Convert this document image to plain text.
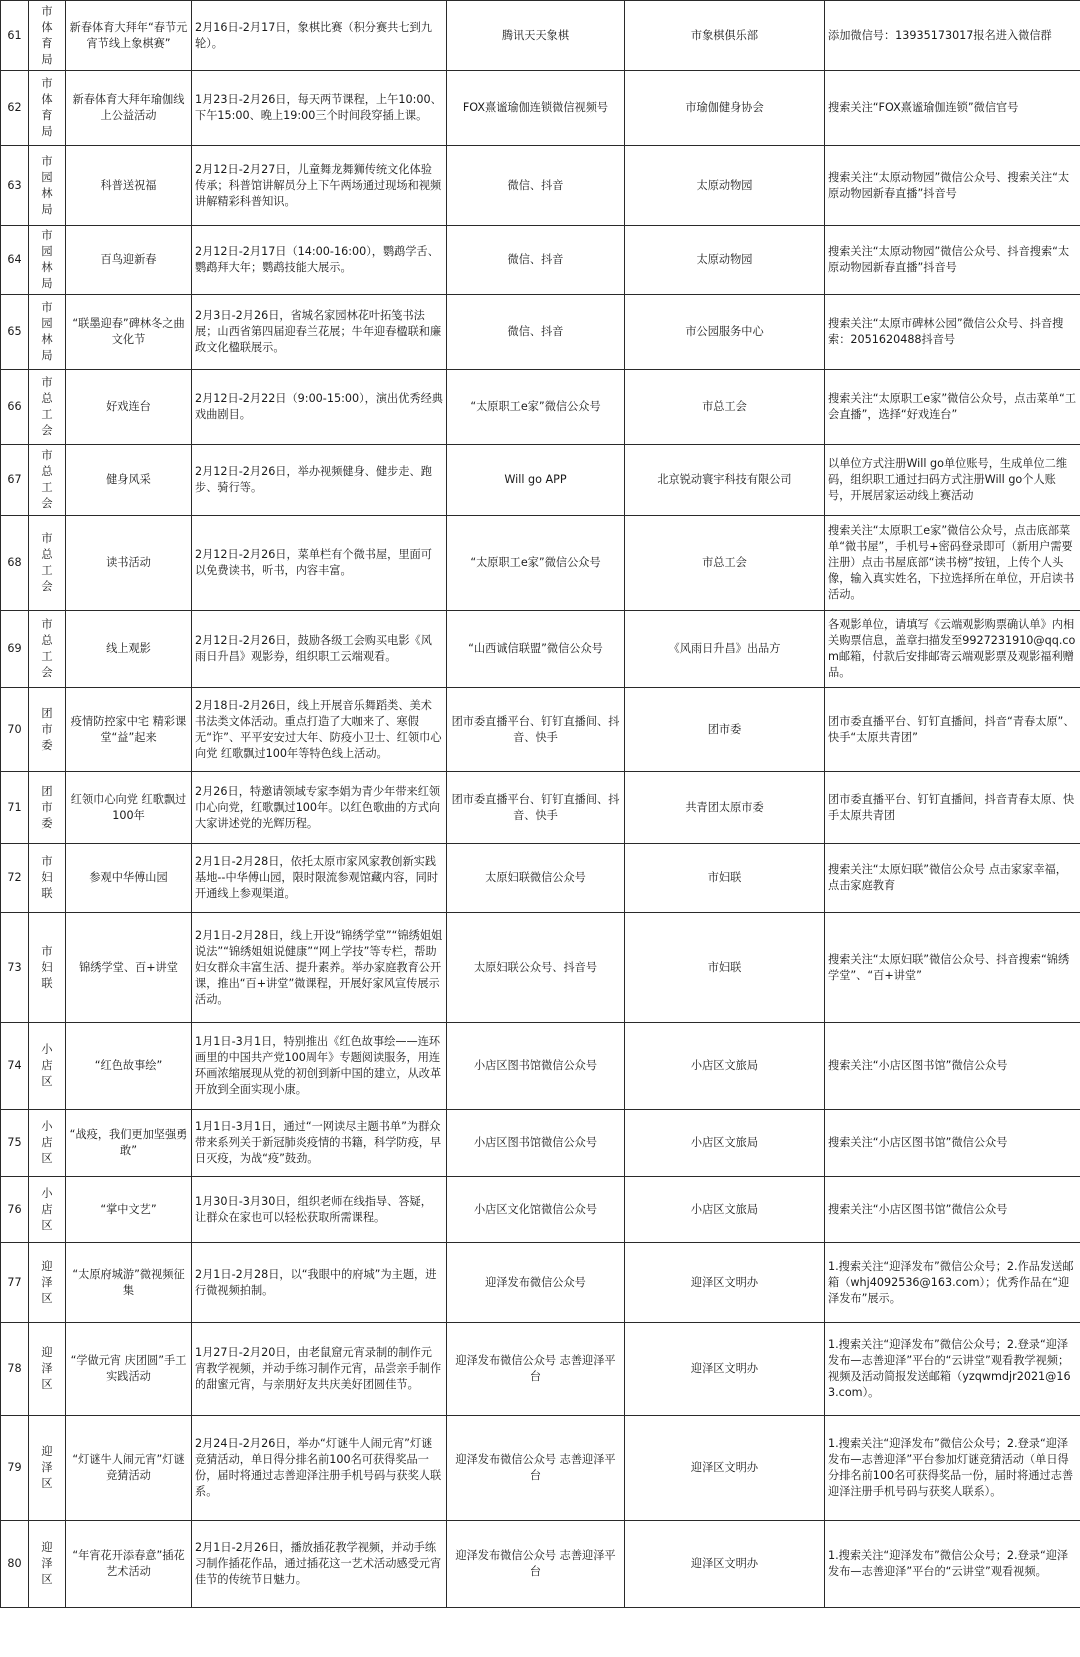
61	市体育局	新春体育大拜年“春节元宵节线上象棋赛”	2月16日-2月17日，象棋比赛（积分赛共七到九轮）。	腾讯天天象棋	市象棋俱乐部	添加微信号：13935173017报名进入微信群
62	市体育局	新春体育大拜年瑜伽线上公益活动	1月23日-2月26日，每天两节课程，上午10:00、下午15:00、晚上19:00三个时间段穿插上课。	FOX熹谧瑜伽连锁微信视频号	市瑜伽健身协会	搜索关注“FOX熹谧瑜伽连锁”微信官号
63	市园林局	科普送祝福	2月12日-2月27日，儿童舞龙舞狮传统文化体验传承；科普馆讲解员分上下午两场通过现场和视频讲解精彩科普知识。	微信、抖音	太原动物园	搜索关注“太原动物园”微信公众号、搜索关注“太原动物园新春直播”抖音号
64	市园林局	百鸟迎新春	2月12日-2月17日（14:00-16:00），鹦鹉学舌、鹦鹉拜大年；鹦鹉技能大展示。	微信、抖音	太原动物园	搜索关注“太原动物园”微信公众号、抖音搜索“太原动物园新春直播”抖音号
65	市园林局	“联墨迎春”碑林冬之曲文化节	2月3日-2月26日，省城名家园林花叶拓笺书法展；山西省第四届迎春兰花展；牛年迎春楹联和廉政文化楹联展示。	微信、抖音	市公园服务中心	搜索关注“太原市碑林公园”微信公众号、抖音搜索：2051620488抖音号
66	市总工会	好戏连台	2月12日-2月22日（9:00-15:00），演出优秀经典戏曲剧目。	“太原职工e家”微信公众号	市总工会	搜索关注“太原职工e家”微信公众号，点击菜单“工会直播”，选择“好戏连台”
67	市总工会	健身风采	2月12日-2月26日，举办视频健身、健步走、跑步、骑行等。	Will go APP	北京锐动寰宇科技有限公司	以单位方式注册Will go单位账号，生成单位二维码，组织职工通过扫码方式注册Will go个人账号，开展居家运动线上赛活动
68	市总工会	读书活动	2月12日-2月26日，菜单栏有个微书屋，里面可以免费读书，听书，内容丰富。	“太原职工e家”微信公众号	市总工会	搜索关注“太原职工e家”微信公众号，点击底部菜单“微书屋”，手机号+密码登录即可（新用户需要注册）点击书屋底部“读书榜”按钮，上传个人头像，输入真实姓名，下拉选择所在单位，开启读书活动。
69	市总工会	线上观影	2月12日-2月26日，鼓励各级工会购买电影《风雨日升昌》观影券，组织职工云端观看。	“山西诚信联盟”微信公众号	《风雨日升昌》出品方	各观影单位，请填写《云端观影购票确认单》内相关购票信息，盖章扫描发至9927231910@qq.com邮箱，付款后安排邮寄云端观影票及观影福利赠品。
70	团市委	疫情防控家中宅 精彩课堂“益”起来	2月18日-2月26日，线上开展音乐舞蹈类、美术书法类文体活动。重点打造了大咖来了、寒假无“诈”、平平安安过大年、防疫小卫士、红领巾心向党 红歌飘过100年等特色线上活动。	团市委直播平台、钉钉直播间、抖音、快手	团市委	团市委直播平台、钉钉直播间，抖音“青春太原”、快手“太原共青团”
71	团市委	红领巾心向党 红歌飘过100年	2月26日，特邀请领域专家李娟为青少年带来红领巾心向党，红歌飘过100年。以红色歌曲的方式向大家讲述党的光辉历程。	团市委直播平台、钉钉直播间、抖音、快手	共青团太原市委	团市委直播平台、钉钉直播间，抖音青春太原、快手太原共青团
72	市妇联	参观中华傅山园	2月1日-2月28日，依托太原市家风家教创新实践基地--中华傅山园，限时限流参观馆藏内容，同时开通线上参观渠道。	太原妇联微信公众号	市妇联	搜索关注“太原妇联”微信公众号 点击家家幸福，点击家庭教育
73	市妇联	锦绣学堂、百+讲堂	2月1日-2月28日，线上开设“锦绣学堂”“锦绣姐姐说法”“锦绣姐姐说健康”“网上学技”等专栏，帮助妇女群众丰富生活、提升素养。举办家庭教育公开课，推出“百+讲堂”微课程，开展好家风宣传展示活动。	太原妇联公众号、抖音号	市妇联	搜索关注“太原妇联”微信公众号、抖音搜索“锦绣学堂”、“百+讲堂”
74	小店区	“红色故事绘”	1月1日-3月1日，特别推出《红色故事绘——连环画里的中国共产党100周年》专题阅读服务，用连环画浓缩展现从党的初创到新中国的建立，从改革开放到全面实现小康。	小店区图书馆微信公众号	小店区文旅局	搜索关注“小店区图书馆”微信公众号
75	小店区	“战疫，我们更加坚强勇敢”	1月1日-3月1日，通过“一网读尽主题书单”为群众带来系列关于新冠肺炎疫情的书籍，科学防疫，早日灭疫，为战“疫”鼓劲。	小店区图书馆微信公众号	小店区文旅局	搜索关注“小店区图书馆”微信公众号
76	小店区	“掌中文艺”	1月30日-3月30日，组织老师在线指导、答疑，让群众在家也可以轻松获取所需课程。	小店区文化馆微信公众号	小店区文旅局	搜索关注“小店区图书馆”微信公众号
77	迎泽区	“太原府城游”微视频征集	2月1日-2月28日，以“我眼中的府城”为主题，进行微视频拍制。	迎泽发布微信公众号	迎泽区文明办	1.搜索关注“迎泽发布”微信公众号；2.作品发送邮箱（whj4092536@163.com）；优秀作品在“迎泽发布”展示。
78	迎泽区	“学做元宵 庆团圆”手工实践活动	1月27日-2月20日，由老鼠窟元宵录制的制作元宵教学视频，并动手练习制作元宵，品尝亲手制作的甜蜜元宵，与亲朋好友共庆美好团圆佳节。	迎泽发布微信公众号 志善迎泽平台	迎泽区文明办	1.搜索关注“迎泽发布”微信公众号；2.登录“迎泽发布—志善迎泽”平台的“云讲堂”观看教学视频；视频及活动简报发送邮箱（yzqwmdjr2021@163.com）。
79	迎泽区	“灯谜牛人闹元宵”灯谜竞猜活动	2月24日-2月26日，举办“灯谜牛人闹元宵”灯谜竞猜活动，单日得分排名前100名可获得奖品一份，届时将通过志善迎泽注册手机号码与获奖人联系。	迎泽发布微信公众号 志善迎泽平台	迎泽区文明办	1.搜索关注“迎泽发布”微信公众号；2.登录“迎泽发布—志善迎泽”平台参加灯谜竞猜活动（单日得分排名前100名可获得奖品一份，届时将通过志善迎泽注册手机号码与获奖人联系）。
80	迎泽区	“年宵花开添春意”插花艺术活动	2月1日-2月26日，播放插花教学视频，并动手练习制作插花作品，通过插花这一艺术活动感受元宵佳节的传统节日魅力。	迎泽发布微信公众号 志善迎泽平台	迎泽区文明办	1.搜索关注“迎泽发布”微信公众号；2.登录“迎泽发布—志善迎泽”平台的“云讲堂”观看视频。
